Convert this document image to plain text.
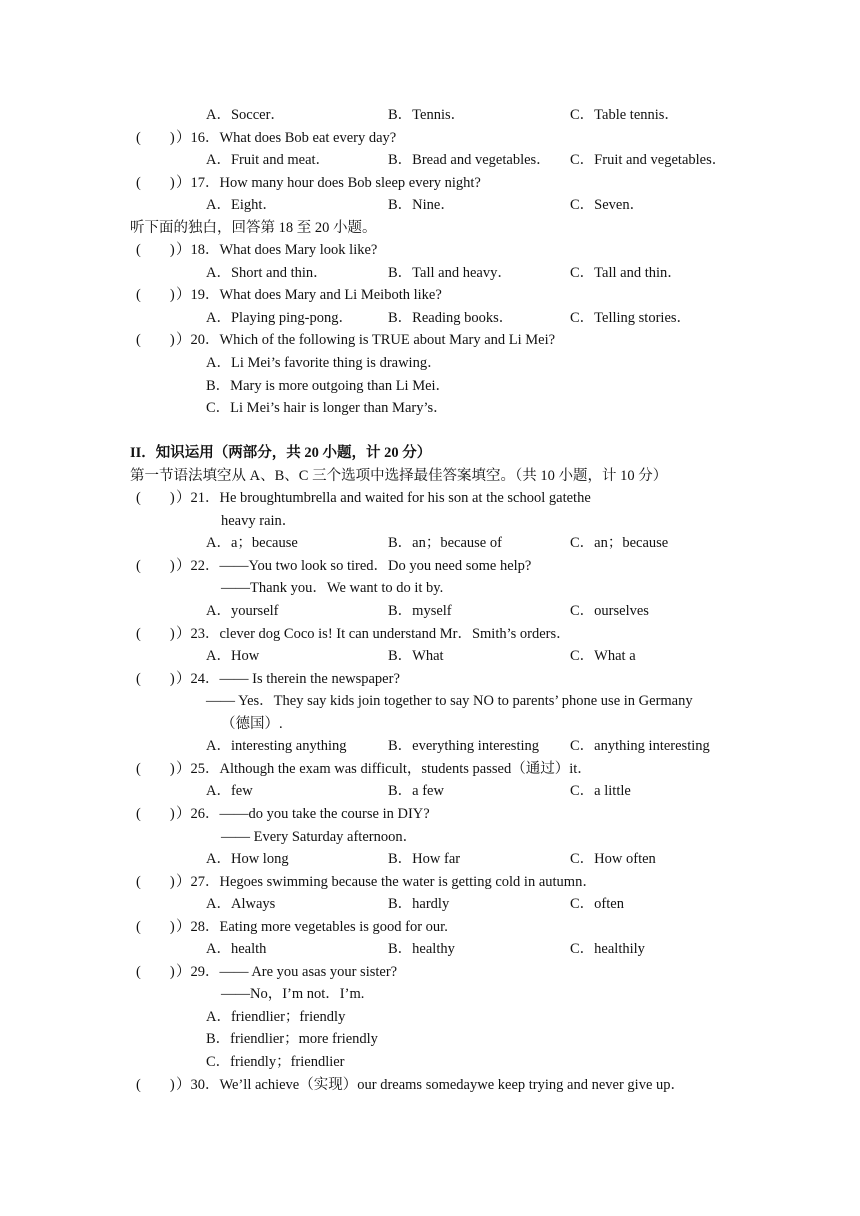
A．Soccer．	B．Tennis．	C．Table tennis．
(　　) ）16．What does Bob eat every day?
A．Fruit and meat．	B．Bread and vegetables． C．Fruit and vegetables．
(　　) ）17．How many hour does Bob sleep every night?
A．Eight．	B．Nine．	C．Seven．
听下面的独白，回答第 18 至 20 小题。
(　　) ）18．What does Mary look like?
A．Short and thin．	B．Tall and heavy．	C．Tall and thin．
(　　) ）19．What does Mary and Li Meiboth like?
A．Playing ping-pong． B．Reading books．	C．Telling stories．
(　　) ）20．Which of the following is TRUE about Mary and Li Mei?
A．Li Mei’s favorite thing is drawing．
B．Mary is more outgoing than Li Mei．
C．Li Mei’s hair is longer than Mary’s．
II．知识运用（两部分，共 20 小题，计 20 分）
第一节语法填空从 A、B、C 三个选项中选择最佳答案填空。（共 10 小题，计 10 分）
(　　) ）21．He broughtumbrella and waited for his son at the school gatethe
heavy rain．
A．a；because	B．an；because of	C．an；because
(　　) ）22．——You two look so tired．Do you need some help?
——Thank you．We want to do it by.
A．yourself	B．myself	C．ourselves
(　　) ）23．clever dog Coco is! It can understand Mr．Smith’s orders．
A．How	B．What	C．What a
(　　) ）24．—— Is therein the newspaper?
—— Yes．They say kids join together to say NO to parents’ phone use in Germany
（德国）.
A．interesting anything	B．everything interesting C．anything interesting
(　　) ）25．Although the exam was difficult，students passed（通过）it．
A．few	B．a few	C．a little
(　　) ）26．——do you take the course in DIY?
—— Every Saturday afternoon．
A．How long	B．How far	C．How often
(　　) ）27．Hegoes swimming because the water is getting cold in autumn．
A．Always	B．hardly	C．often
(　　) ）28．Eating more vegetables is good for our.
A．health	B．healthy	C．healthily
(　　) ）29．—— Are you asas your sister?
——No，I’m not．I’m.
A．friendlier；friendly
B．friendlier；more friendly
C．friendly；friendlier
(　　) ）30．We’ll achieve（实现）our dreams somedaywe keep trying and never give up．
